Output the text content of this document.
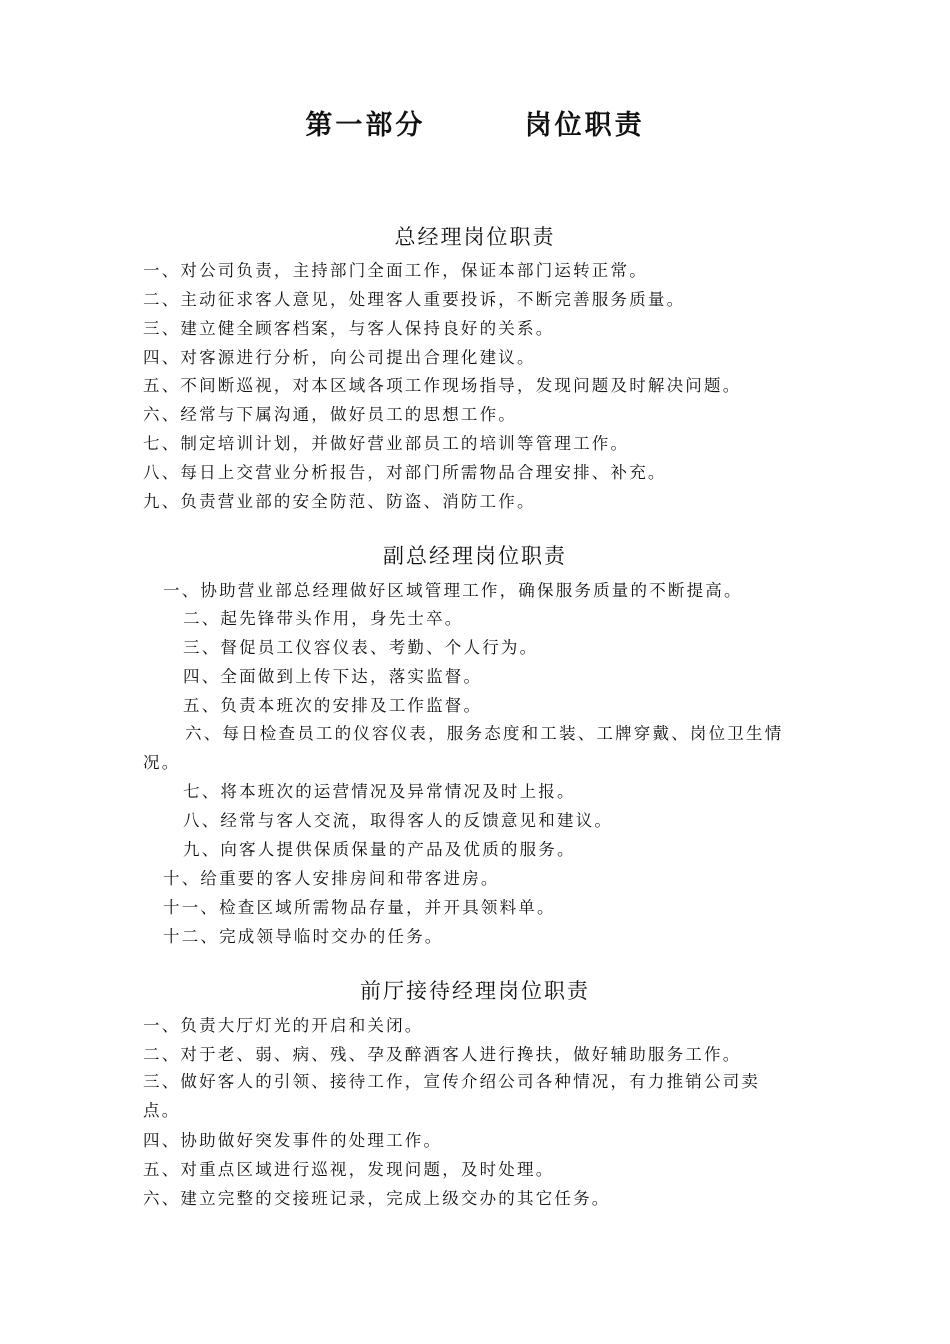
第一部分        岗位职责
总经理岗位职责
一、对公司负责，主持部门全面工作，保证本部门运转正常。
二、主动征求客人意见，处理客人重要投诉，不断完善服务质量。
三、建立健全顾客档案，与客人保持良好的关系。
四、对客源进行分析，向公司提出合理化建议。
五、不间断巡视，对本区域各项工作现场指导，发现问题及时解决问题。
六、经常与下属沟通，做好员工的思想工作。
七、制定培训计划，并做好营业部员工的培训等管理工作。
八、每日上交营业分析报告，对部门所需物品合理安排、补充。
九、负责营业部的安全防范、防盗、消防工作。
副总经理岗位职责
一、协助营业部总经理做好区域管理工作，确保服务质量的不断提高。
二、起先锋带头作用，身先士卒。
三、督促员工仪容仪表、考勤、个人行为。
四、全面做到上传下达，落实监督。
五、负责本班次的安排及工作监督。
六、每日检查员工的仪容仪表，服务态度和工装、工牌穿戴、岗位卫生情况。
七、将本班次的运营情况及异常情况及时上报。
八、经常与客人交流，取得客人的反馈意见和建议。
九、向客人提供保质保量的产品及优质的服务。
十、给重要的客人安排房间和带客进房。
十一、检查区域所需物品存量，并开具领料单。
十二、完成领导临时交办的任务。
前厅接待经理岗位职责
一、负责大厅灯光的开启和关闭。
二、对于老、弱、病、残、孕及醉酒客人进行搀扶，做好辅助服务工作。
三、做好客人的引领、接待工作，宣传介绍公司各种情况，有力推销公司卖点。
四、协助做好突发事件的处理工作。
五、对重点区域进行巡视，发现问题，及时处理。
六、建立完整的交接班记录，完成上级交办的其它任务。
